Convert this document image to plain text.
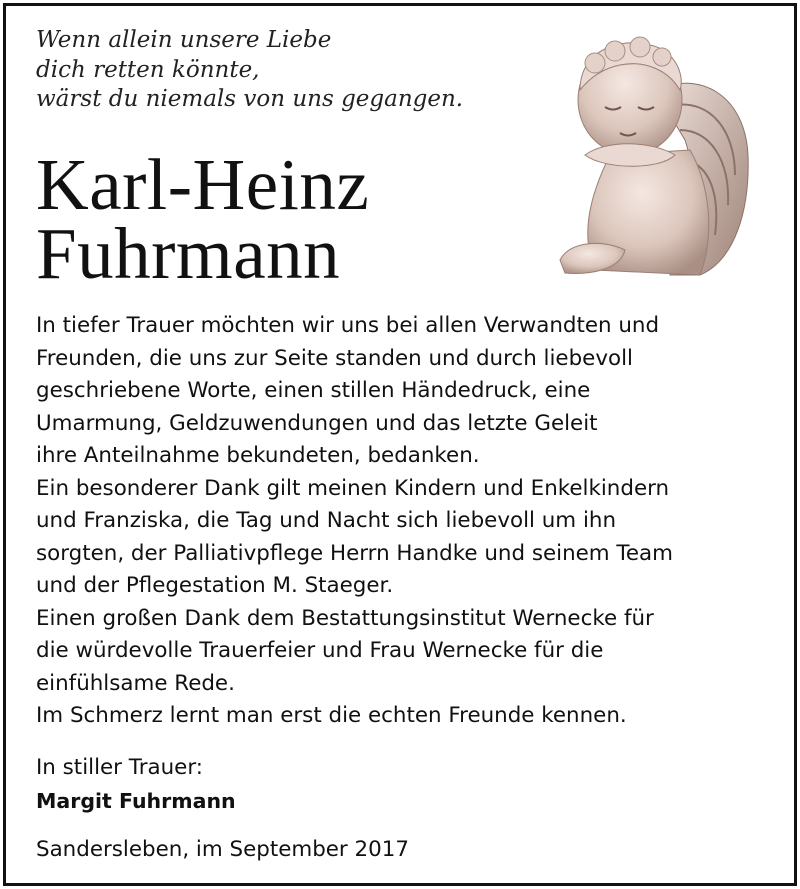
Wenn allein unsere Liebe
dich retten könnte,
wärst du niemals von uns gegangen.
Karl-Heinz
Fuhrmann
In tiefer Trauer möchten wir uns bei allen Verwandten und
Freunden, die uns zur Seite standen und durch liebevoll
geschriebene Worte, einen stillen Händedruck, eine
Umarmung, Geldzuwendungen und das letzte Geleit
ihre Anteilnahme bekundeten, bedanken.
Ein besonderer Dank gilt meinen Kindern und Enkelkindern
und Franziska, die Tag und Nacht sich liebevoll um ihn
sorgten, der Palliativpflege Herrn Handke und seinem Team
und der Pflegestation M. Staeger.
Einen großen Dank dem Bestattungsinstitut Wernecke für
die würdevolle Trauerfeier und Frau Wernecke für die
einfühlsame Rede.
Im Schmerz lernt man erst die echten Freunde kennen.
In stiller Trauer:
Margit Fuhrmann
Sandersleben, im September 2017
